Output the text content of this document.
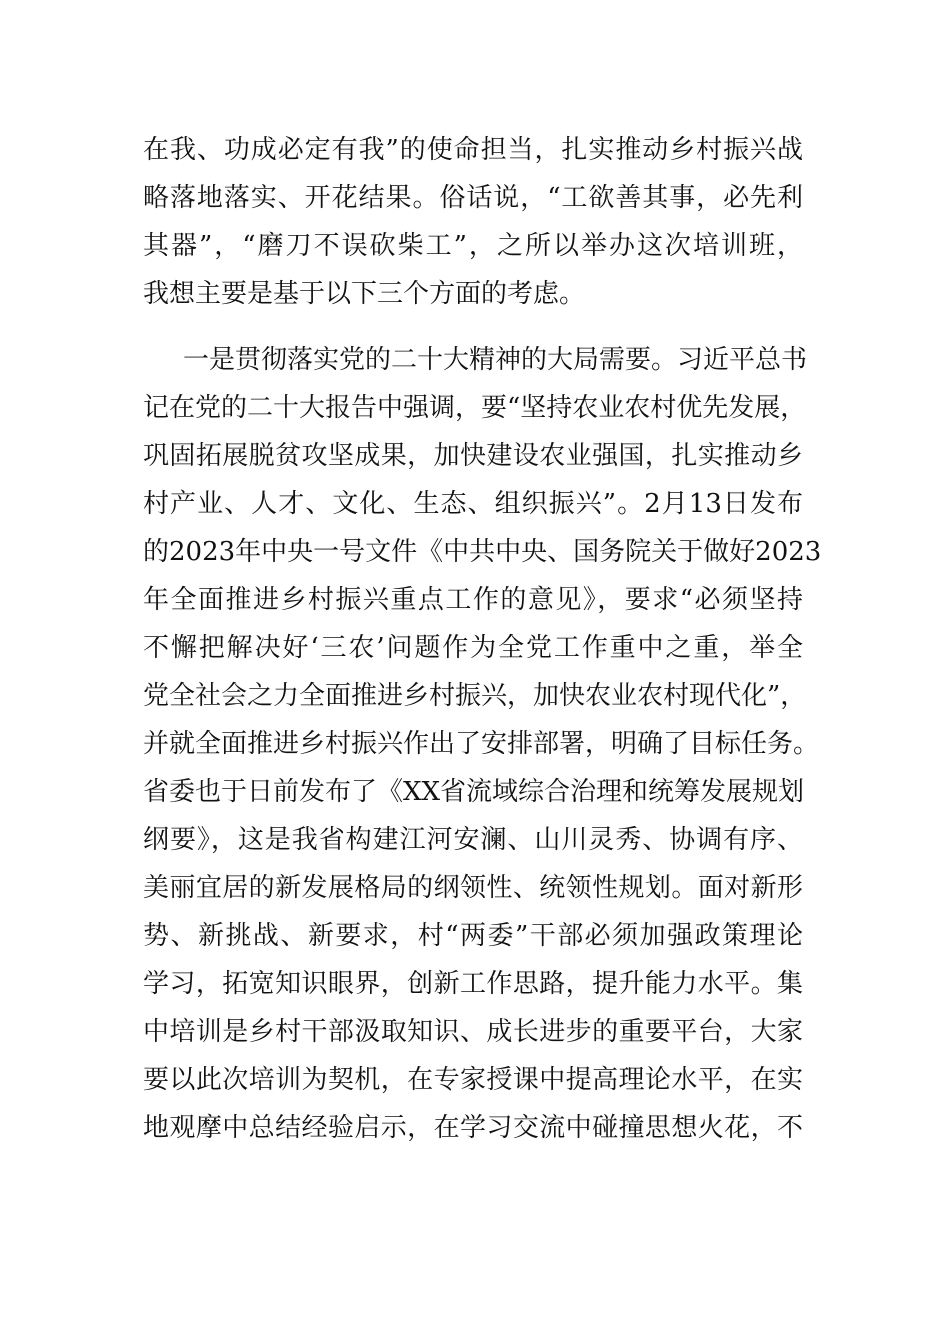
在我、功成必定有我”的使命担当，扎实推动乡村振兴战
略落地落实、开花结果。俗话说，“工欲善其事，必先利
其器”，“磨刀不误砍柴工”，之所以举办这次培训班，
我想主要是基于以下三个方面的考虑。
一是贯彻落实党的二十大精神的大局需要。习近平总书
记在党的二十大报告中强调，要“坚持农业农村优先发展，
巩固拓展脱贫攻坚成果，加快建设农业强国，扎实推动乡
村产业、人才、文化、生态、组织振兴”。2月13日发布
的2023年中央一号文件《中共中央、国务院关于做好2023
年全面推进乡村振兴重点工作的意见》，要求“必须坚持
不懈把解决好‘三农’问题作为全党工作重中之重，举全
党全社会之力全面推进乡村振兴，加快农业农村现代化”，
并就全面推进乡村振兴作出了安排部署，明确了目标任务。
省委也于日前发布了《XX省流域综合治理和统筹发展规划
纲要》，这是我省构建江河安澜、山川灵秀、协调有序、
美丽宜居的新发展格局的纲领性、统领性规划。面对新形
势、新挑战、新要求，村“两委”干部必须加强政策理论
学习，拓宽知识眼界，创新工作思路，提升能力水平。集
中培训是乡村干部汲取知识、成长进步的重要平台，大家
要以此次培训为契机，在专家授课中提高理论水平，在实
地观摩中总结经验启示，在学习交流中碰撞思想火花，不
